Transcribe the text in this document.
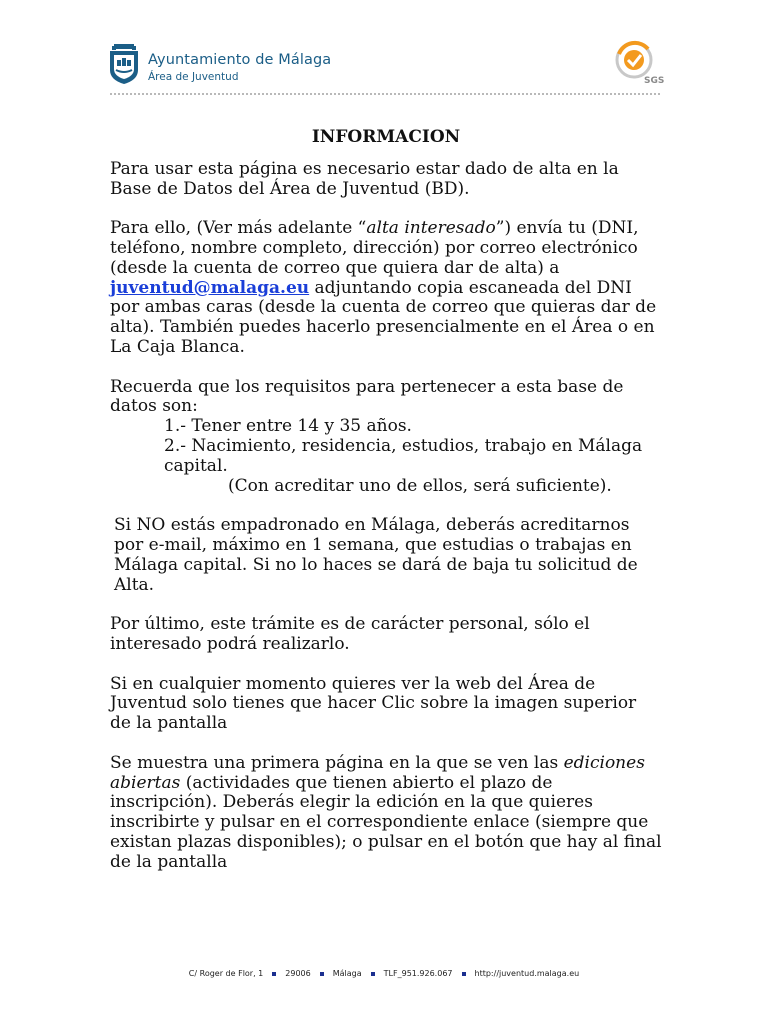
Ayuntamiento de Málaga
Área de Juventud	SGS
INFORMACION

Para usar esta página es necesario estar dado de alta en la Base de Datos del Área de Juventud (BD).

Para ello, (Ver más adelante “alta interesado”) envía tu (DNI, teléfono, nombre completo, dirección) por correo electrónico (desde la cuenta de correo que quiera dar de alta) a juventud@malaga.eu adjuntando copia escaneada del DNI por ambas caras (desde la cuenta de correo que quieras dar de alta). También puedes hacerlo presencialmente en el Área o en La Caja Blanca.

Recuerda que los requisitos para pertenecer a esta base de datos son:

1.- Tener entre 14 y 35 años.

2.- Nacimiento, residencia, estudios, trabajo en Málaga capital.

(Con acreditar uno de ellos, será suficiente).

Si NO estás empadronado en Málaga, deberás acreditarnos por e-mail, máximo en 1 semana, que estudias o trabajas en Málaga capital. Si no lo haces se dará de baja tu solicitud de Alta.

Por último, este trámite es de carácter personal, sólo el interesado podrá realizarlo.

Si en cualquier momento quieres ver la web del Área de Juventud solo tienes que hacer Clic sobre la imagen superior de la pantalla

Se muestra una primera página en la que se ven las ediciones abiertas (actividades que tienen abierto el plazo de inscripción). Deberás elegir la edición en la que quieres inscribirte y pulsar en el correspondiente enlace (siempre que existan plazas disponibles); o pulsar en el botón que hay al final de la pantalla

C/ Roger de Flor, 1	29006	Málaga	TLF_951.926.067	http://juventud.malaga.eu
